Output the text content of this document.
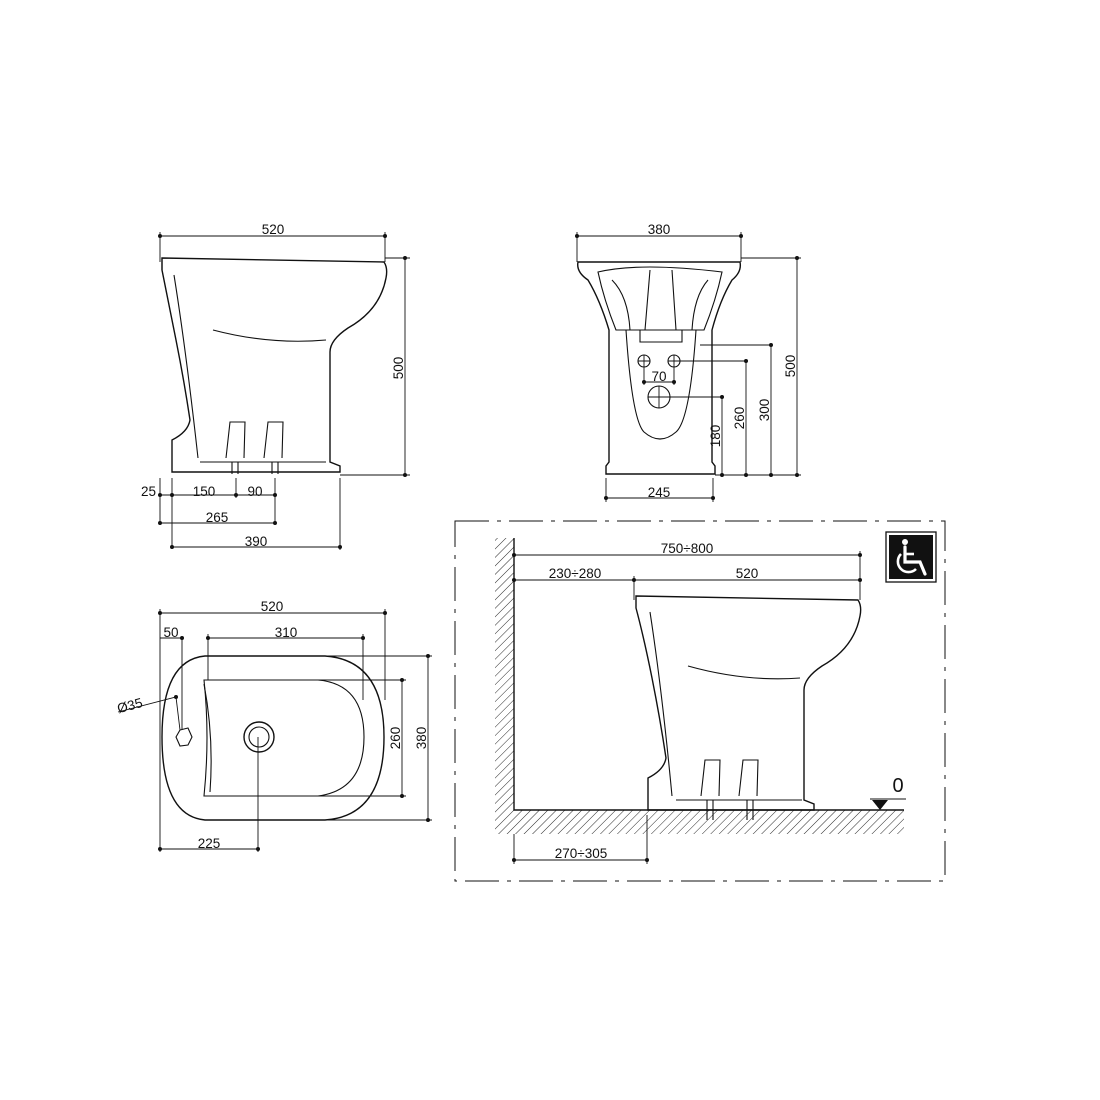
520
500
25	150 90
265
390
380
500
300
260
180
70
245
520
310
50
Ø35
225
380
260
750÷800
230÷280	520
270÷305
0
